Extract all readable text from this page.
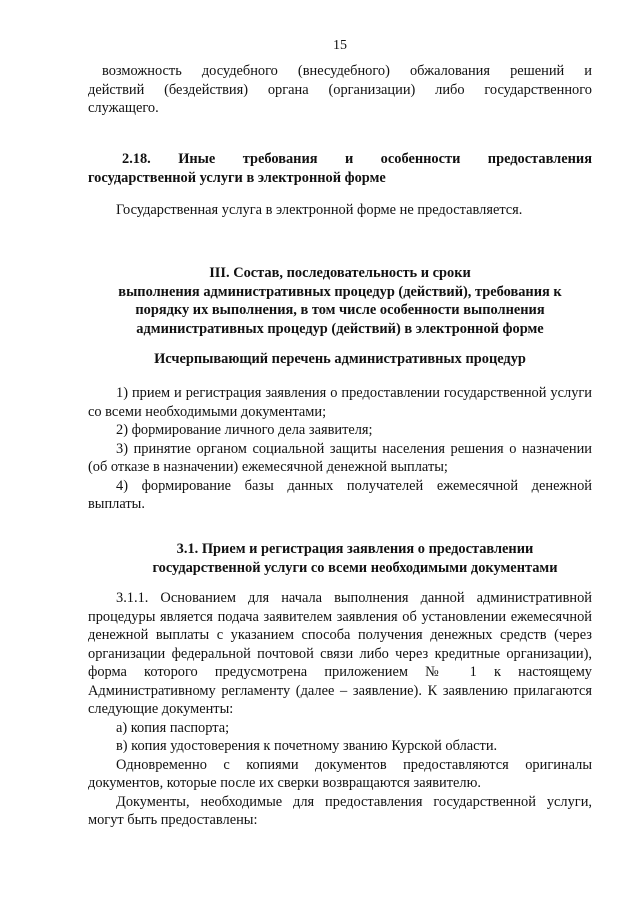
15
возможность досудебного (внесудебного) обжалования решений и
действий (бездействия) органа (организации) либо государственного
служащего.
2.18. Иные требования и особенности предоставления
государственной услуги в электронной форме
Государственная услуга в электронной форме не предоставляется.
III. Состав, последовательность и сроки
выполнения административных процедур (действий), требования к
порядку их выполнения, в том числе особенности выполнения
административных процедур (действий) в электронной форме
Исчерпывающий перечень административных процедур

1) прием и регистрация заявления о предоставлении государственной услуги со всеми необходимыми документами;

2) формирование личного дела заявителя;

3) принятие органом социальной защиты населения решения о назначении (об отказе в назначении) ежемесячной денежной выплаты;

4) формирование базы данных получателей ежемесячной денежной выплаты.

3.1. Прием и регистрация заявления о предоставлении
государственной услуги со всеми необходимыми документами

3.1.1. Основанием для начала выполнения данной административной процедуры является подача заявителем заявления об установлении ежемесячной денежной выплаты с указанием способа получения денежных средств (через организации федеральной почтовой связи либо через кредитные организации), форма которого предусмотрена приложением № 1 к настоящему Административному регламенту (далее – заявление). К заявлению прилагаются следующие документы:

а) копия паспорта;

в) копия удостоверения к почетному званию Курской области.

Одновременно с копиями документов предоставляются оригиналы документов, которые после их сверки возвращаются заявителю.

Документы, необходимые для предоставления государственной услуги, могут быть предоставлены:
